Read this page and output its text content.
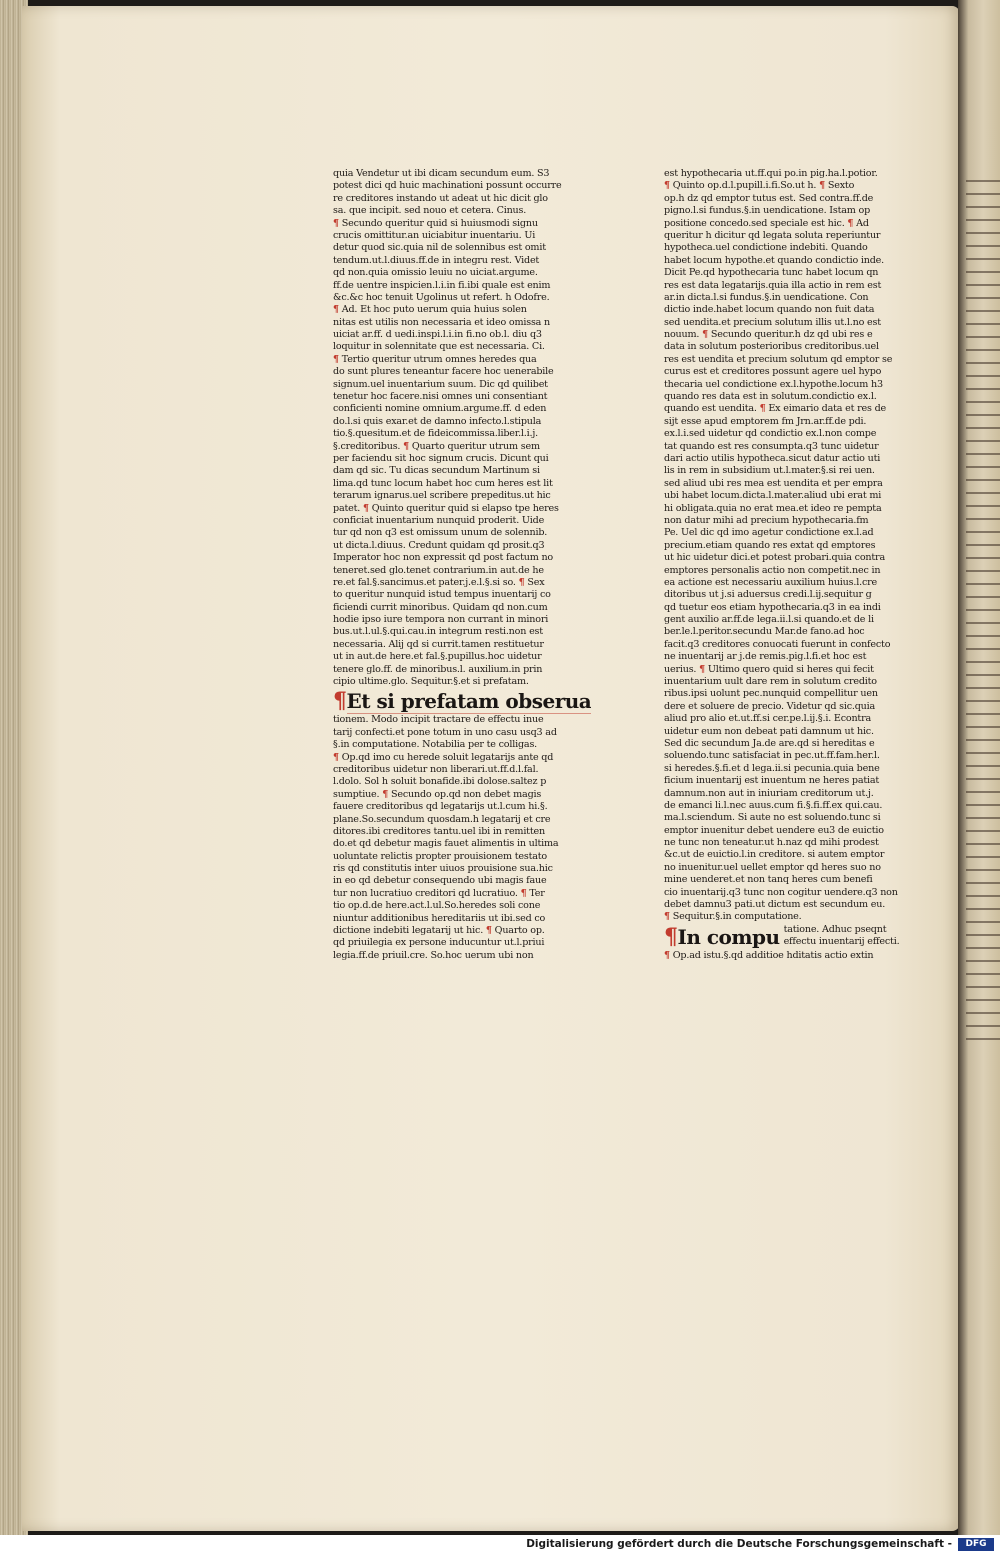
quia Vendetur ut ibi dicam secundum eum. S3
potest dici qd huic machinationi possunt occurre
re creditores instando ut adeat ut hic dicit glo
sa. que incipit. sed nouo et cetera. Cinus.
¶ Secundo queritur quid si huiusmodi signu
crucis omittitur.an uiciabitur inuentariu. Ui
detur quod sic.quia nil de solennibus est omit
tendum.ut.l.diuus.ff.de in integru rest. Videt
qd non.quia omissio leuiu no uiciat.argume.
ff.de uentre inspicien.l.i.in fi.ibi quale est enim
&c.&c hoc tenuit Ugolinus ut refert. h Odofre.
¶ Ad. Et hoc puto uerum quia huius solen
nitas est utilis non necessaria et ideo omissa n
uiciat ar.ff. d uedi.inspi.l.i.in fi.no ob.l. diu q3
loquitur in solennitate que est necessaria. Ci.
¶ Tertio queritur utrum omnes heredes qua
do sunt plures teneantur facere hoc uenerabile
signum.uel inuentarium suum. Dic qd quilibet
tenetur hoc facere.nisi omnes uni consentiant
conficienti nomine omnium.argume.ff. d eden
do.l.si quis exar.et de damno infecto.l.stipula
tio.§.quesitum.et de fideicommissa.liber.l.i.j.
§.creditoribus. ¶ Quarto queritur utrum sem
per faciendu sit hoc signum crucis. Dicunt qui
dam qd sic. Tu dicas secundum Martinum si
lima.qd tunc locum habet hoc cum heres est lit
terarum ignarus.uel scribere prepeditus.ut hic
patet. ¶ Quinto queritur quid si elapso tpe heres
conficiat inuentarium nunquid proderit. Uide
tur qd non q3 est omissum unum de solennib.
ut dicta.l.diuus. Credunt quidam qd prosit.q3
Imperator hoc non expressit qd post factum no
teneret.sed glo.tenet contrarium.in aut.de he
re.et fal.§.sancimus.et pater.j.e.l.§.si so. ¶ Sex
to queritur nunquid istud tempus inuentarij co
ficiendi currit minoribus. Quidam qd non.cum
hodie ipso iure tempora non currant in minori
bus.ut.l.ul.§.qui.cau.in integrum resti.non est
necessaria. Alij qd si currit.tamen restituetur
ut in aut.de here.et fal.§.pupillus.hoc uidetur
tenere glo.ff. de minoribus.l. auxilium.in prin
cipio ultime.glo. Sequitur.§.et si prefatam.
¶Et si prefatam obserua
tionem. Modo incipit tractare de effectu inue
tarij confecti.et pone totum in uno casu usq3 ad
§.in computatione. Notabilia per te colligas.
¶ Op.qd imo cu herede soluit legatarijs ante qd
creditoribus uidetur non liberari.ut.ff.d.l.fal.
l.dolo. Sol h soluit bonafide.ibi dolose.saltez p
sumptiue. ¶ Secundo op.qd non debet magis
fauere creditoribus qd legatarijs ut.l.cum hi.§.
plane.So.secundum quosdam.h legatarij et cre
ditores.ibi creditores tantu.uel ibi in remitten
do.et qd debetur magis fauet alimentis in ultima
uoluntate relictis propter prouisionem testato
ris qd constitutis inter uiuos prouisione sua.hic
in eo qd debetur consequendo ubi magis faue
tur non lucratiuo creditori qd lucratiuo. ¶ Ter
tio op.d.de here.act.l.ul.So.heredes soli cone
niuntur additionibus hereditariis ut ibi.sed co
dictione indebiti legatarij ut hic. ¶ Quarto op.
qd priuilegia ex persone inducuntur ut.l.priui
legia.ff.de priuil.cre. So.hoc uerum ubi non
est hypothecaria ut.ff.qui po.in pig.ha.l.potior.
¶ Quinto op.d.l.pupill.i.fi.So.ut h. ¶ Sexto
op.h dz qd emptor tutus est. Sed contra.ff.de
pigno.l.si fundus.§.in uendicatione. Istam op
positione concedo.sed speciale est hic. ¶ Ad
queritur h dicitur qd legata soluta reperiuntur
hypotheca.uel condictione indebiti. Quando
habet locum hypothe.et quando condictio inde.
Dicit Pe.qd hypothecaria tunc habet locum qn
res est data legatarijs.quia illa actio in rem est
ar.in dicta.l.si fundus.§.in uendicatione. Con
dictio inde.habet locum quando non fuit data
sed uendita.et precium solutum illis ut.l.no est
nouum. ¶ Secundo queritur.h dz qd ubi res e
data in solutum posterioribus creditoribus.uel
res est uendita et precium solutum qd emptor se
curus est et creditores possunt agere uel hypo
thecaria uel condictione ex.l.hypothe.locum h3
quando res data est in solutum.condictio ex.l.
quando est uendita. ¶ Ex eimario data et res de
sijt esse apud emptorem fm Jrn.ar.ff.de pdi.
ex.l.i.sed uidetur qd condictio ex.l.non compe
tat quando est res consumpta.q3 tunc uidetur
dari actio utilis hypotheca.sicut datur actio uti
lis in rem in subsidium ut.l.mater.§.si rei uen.
sed aliud ubi res mea est uendita et per empra
ubi habet locum.dicta.l.mater.aliud ubi erat mi
hi obligata.quia no erat mea.et ideo re pempta
non datur mihi ad precium hypothecaria.fm
Pe. Uel dic qd imo agetur condictione ex.l.ad
precium.etiam quando res extat qd emptores
ut hic uidetur dici.et potest probari.quia contra
emptores personalis actio non competit.nec in
ea actione est necessariu auxilium huius.l.cre
ditoribus ut j.si aduersus credi.l.ij.sequitur g
qd tuetur eos etiam hypothecaria.q3 in ea indi
gent auxilio ar.ff.de lega.ii.l.si quando.et de li
ber.le.l.peritor.secundu Mar.de fano.ad hoc
facit.q3 creditores conuocati fuerunt in confecto
ne inuentarij ar j.de remis.pig.l.fi.et hoc est
uerius. ¶ Ultimo quero quid si heres qui fecit
inuentarium uult dare rem in solutum credito
ribus.ipsi uolunt pec.nunquid compellitur uen
dere et soluere de precio. Videtur qd sic.quia
aliud pro alio et.ut.ff.si cer.pe.l.ij.§.i. Econtra
uidetur eum non debeat pati damnum ut hic.
Sed dic secundum Ja.de are.qd si hereditas e
soluendo.tunc satisfaciat in pec.ut.ff.fam.her.l.
si heredes.§.fi.et d lega.ii.si pecunia.quia bene
ficium inuentarij est inuentum ne heres patiat
damnum.non aut in iniuriam creditorum ut.j.
de emanci li.l.nec auus.cum fi.§.fi.ff.ex qui.cau.
ma.l.sciendum. Si aute no est soluendo.tunc si
emptor inuenitur debet uendere eu3 de euictio
ne tunc non teneatur.ut h.naz qd mihi prodest
&c.ut de euictio.l.in creditore. si autem emptor
no inuenitur.uel uellet emptor qd heres suo no
mine uenderet.et non tanq heres cum benefi
cio inuentarij.q3 tunc non cogitur uendere.q3 non
debet damnu3 pati.ut dictum est secundum eu.
¶ Sequitur.§.in computatione.
¶In compu tatione. Adhuc pseqnt
effectu inuentarij effecti.
¶ Op.ad istu.§.qd additioe hditatis actio extin
Digitalisierung gefördert durch die Deutsche Forschungsgemeinschaft -	DFG
